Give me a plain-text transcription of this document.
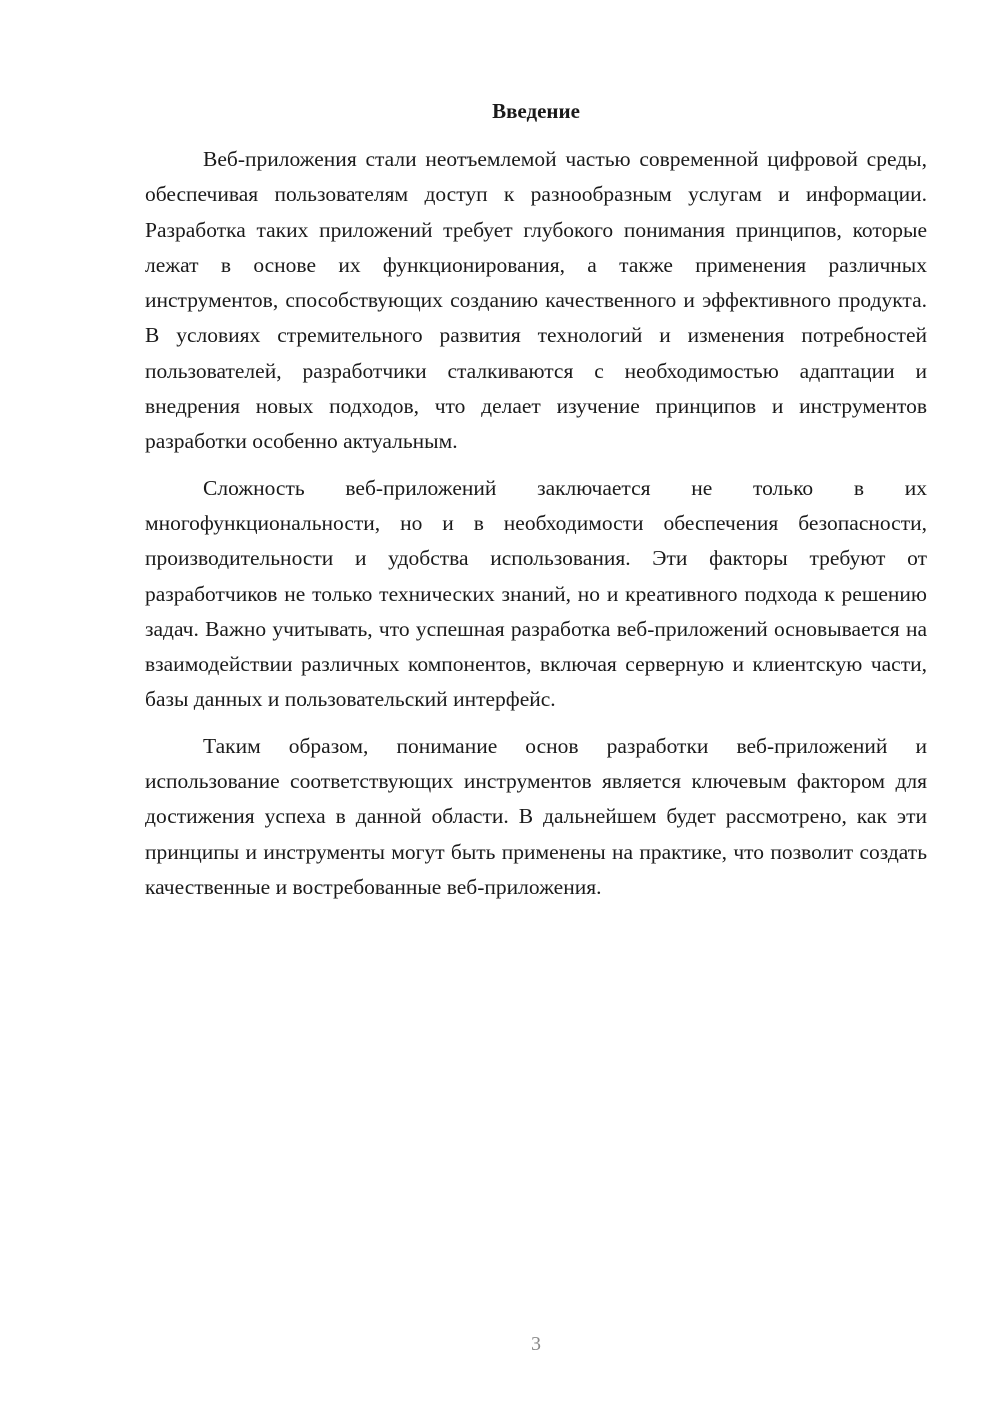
Введение

Веб-приложения стали неотъемлемой частью современной цифровой среды, обеспечивая пользователям доступ к разнообразным услугам и информации. Разработка таких приложений требует глубокого понимания принципов, которые лежат в основе их функционирования, а также применения различных инструментов, способствующих созданию качественного и эффективного продукта. В условиях стремительного развития технологий и изменения потребностей пользователей, разработчики сталкиваются с необходимостью адаптации и внедрения новых подходов, что делает изучение принципов и инструментов разработки особенно актуальным.

Сложность веб-приложений заключается не только в их многофункциональности, но и в необходимости обеспечения безопасности, производительности и удобства использования. Эти факторы требуют от разработчиков не только технических знаний, но и креативного подхода к решению задач. Важно учитывать, что успешная разработка веб-приложений основывается на взаимодействии различных компонентов, включая серверную и клиентскую части, базы данных и пользовательский интерфейс.

Таким образом, понимание основ разработки веб-приложений и использование соответствующих инструментов является ключевым фактором для достижения успеха в данной области. В дальнейшем будет рассмотрено, как эти принципы и инструменты могут быть применены на практике, что позволит создать качественные и востребованные веб-приложения.

3
